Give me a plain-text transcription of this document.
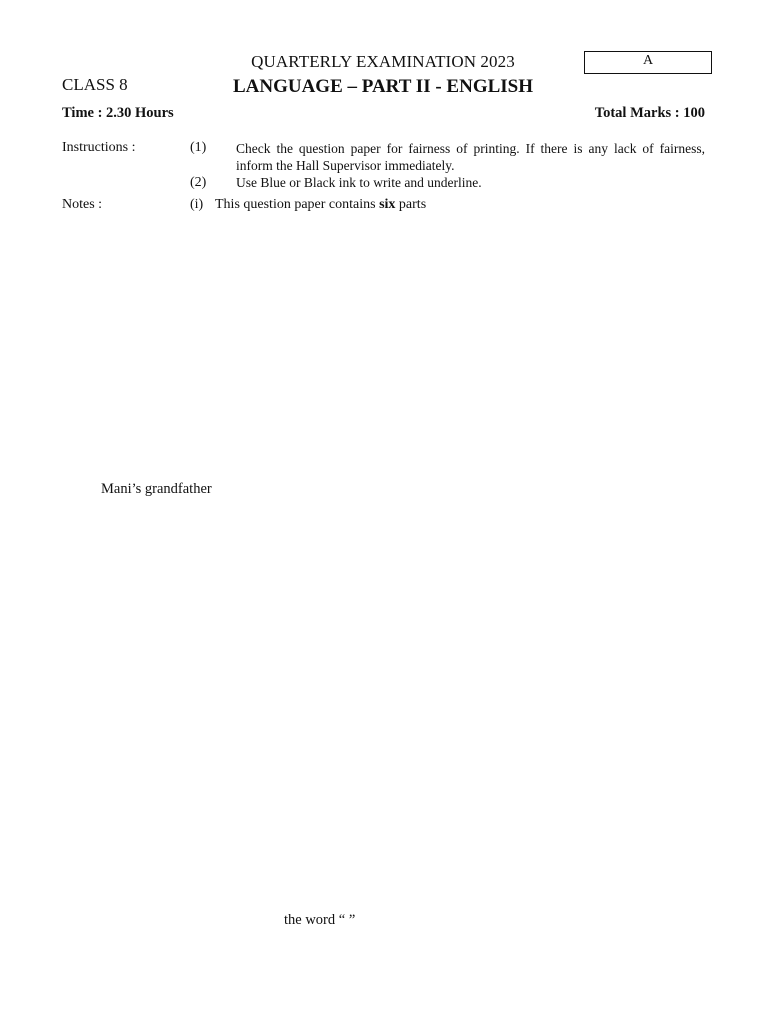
QUARTERLY EXAMINATION 2023	A
CLASS 8	LANGUAGE – PART II - ENGLISH
Time : 2.30 Hours	Total Marks : 100
Instructions :	(1) Check the question paper for fairness of printing. If there is any lack of fairness, inform the Hall Supervisor immediately.
(2) Use Blue or Black ink to write and underline.
Notes :	(i) This question paper contains six parts
Mani’s grandfather
the word “ ”
